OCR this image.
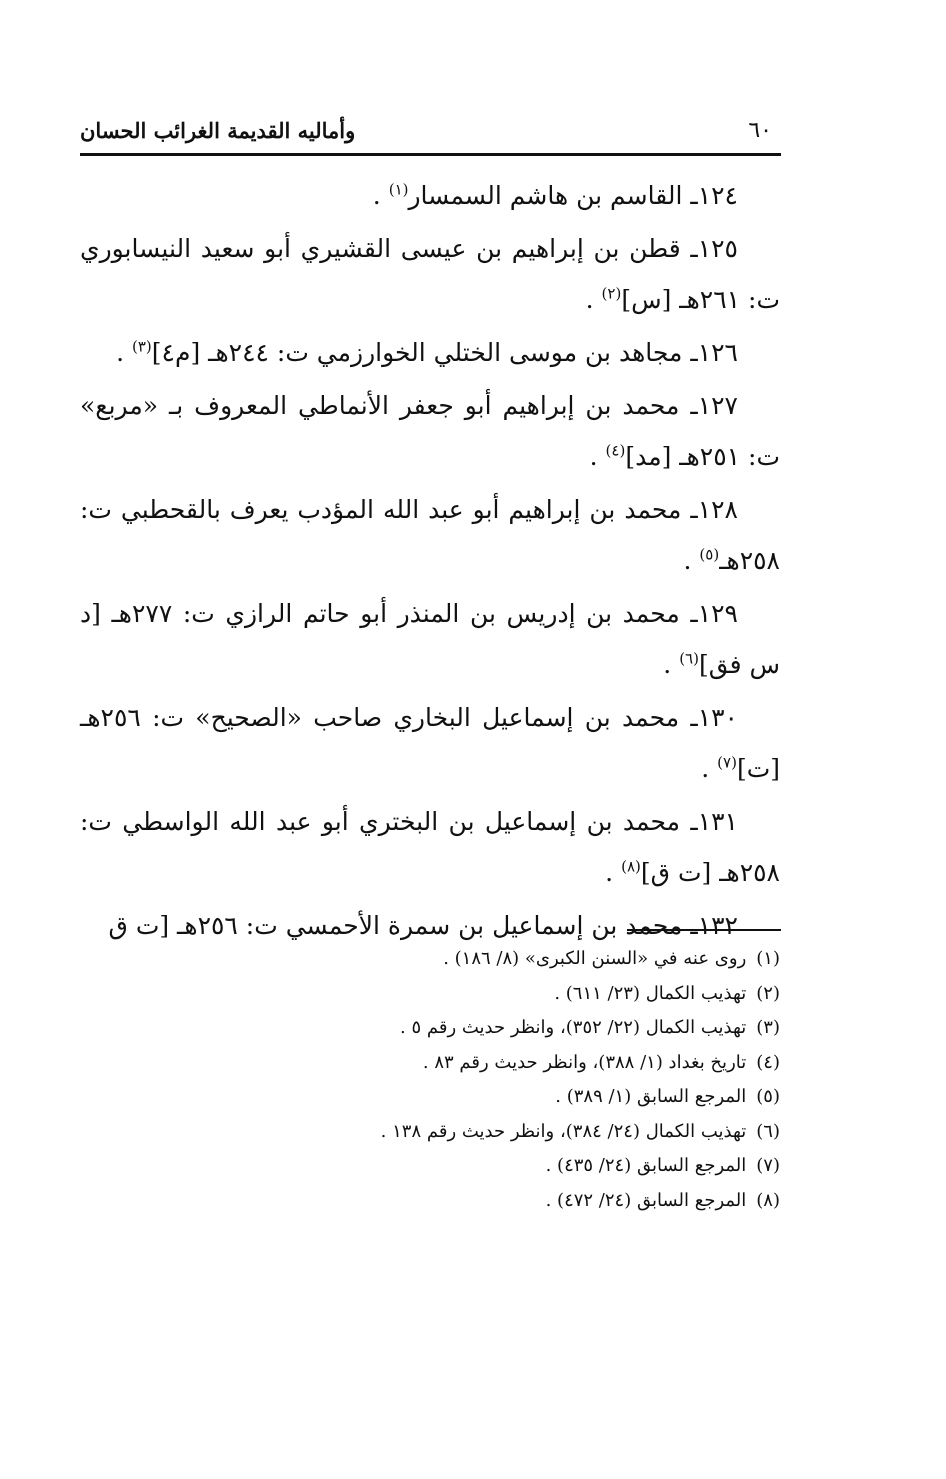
٦٠
وأماليه القديمة الغرائب الحسان

١٢٤ـ القاسم بن هاشم السمسار$^{(١)}$ .

١٢٥ـ قطن بن إبراهيم بن عيسى القشيري أبو سعيد النيسابوري ت: ٢٦١هـ [س]$^{(٢)}$ .

١٢٦ـ مجاهد بن موسى الختلي الخوارزمي ت: ٢٤٤هـ [م٤]$^{(٣)}$ .

١٢٧ـ محمد بن إبراهيم أبو جعفر الأنماطي المعروف بـ «مربع» ت: ٢٥١هـ [مد]$^{(٤)}$ .

١٢٨ـ محمد بن إبراهيم أبو عبد الله المؤدب يعرف بالقحطبي ت: ٢٥٨هـ$^{(٥)}$ .

١٢٩ـ محمد بن إدريس بن المنذر أبو حاتم الرازي ت: ٢٧٧هـ [د س فق]$^{(٦)}$ .

١٣٠ـ محمد بن إسماعيل البخاري صاحب «الصحيح» ت: ٢٥٦هـ [ت]$^{(٧)}$ .

١٣١ـ محمد بن إسماعيل بن البختري أبو عبد الله الواسطي ت: ٢٥٨هـ [ت ق]$^{(٨)}$ .

١٣٢ـ محمد بن إسماعيل بن سمرة الأحمسي ت: ٢٥٦هـ [ت ق

(١)روى عنه في «السنن الكبرى» (٨/ ١٨٦) .
(٢)تهذيب الكمال (٢٣/ ٦١١) .
(٣)تهذيب الكمال (٢٢/ ٣٥٢)، وانظر حديث رقم ٥ .
(٤)تاريخ بغداد (١/ ٣٨٨)، وانظر حديث رقم ٨٣ .
(٥)المرجع السابق (١/ ٣٨٩) .
(٦)تهذيب الكمال (٢٤/ ٣٨٤)، وانظر حديث رقم ١٣٨ .
(٧)المرجع السابق (٢٤/ ٤٣٥) .
(٨)المرجع السابق (٢٤/ ٤٧٢) .
